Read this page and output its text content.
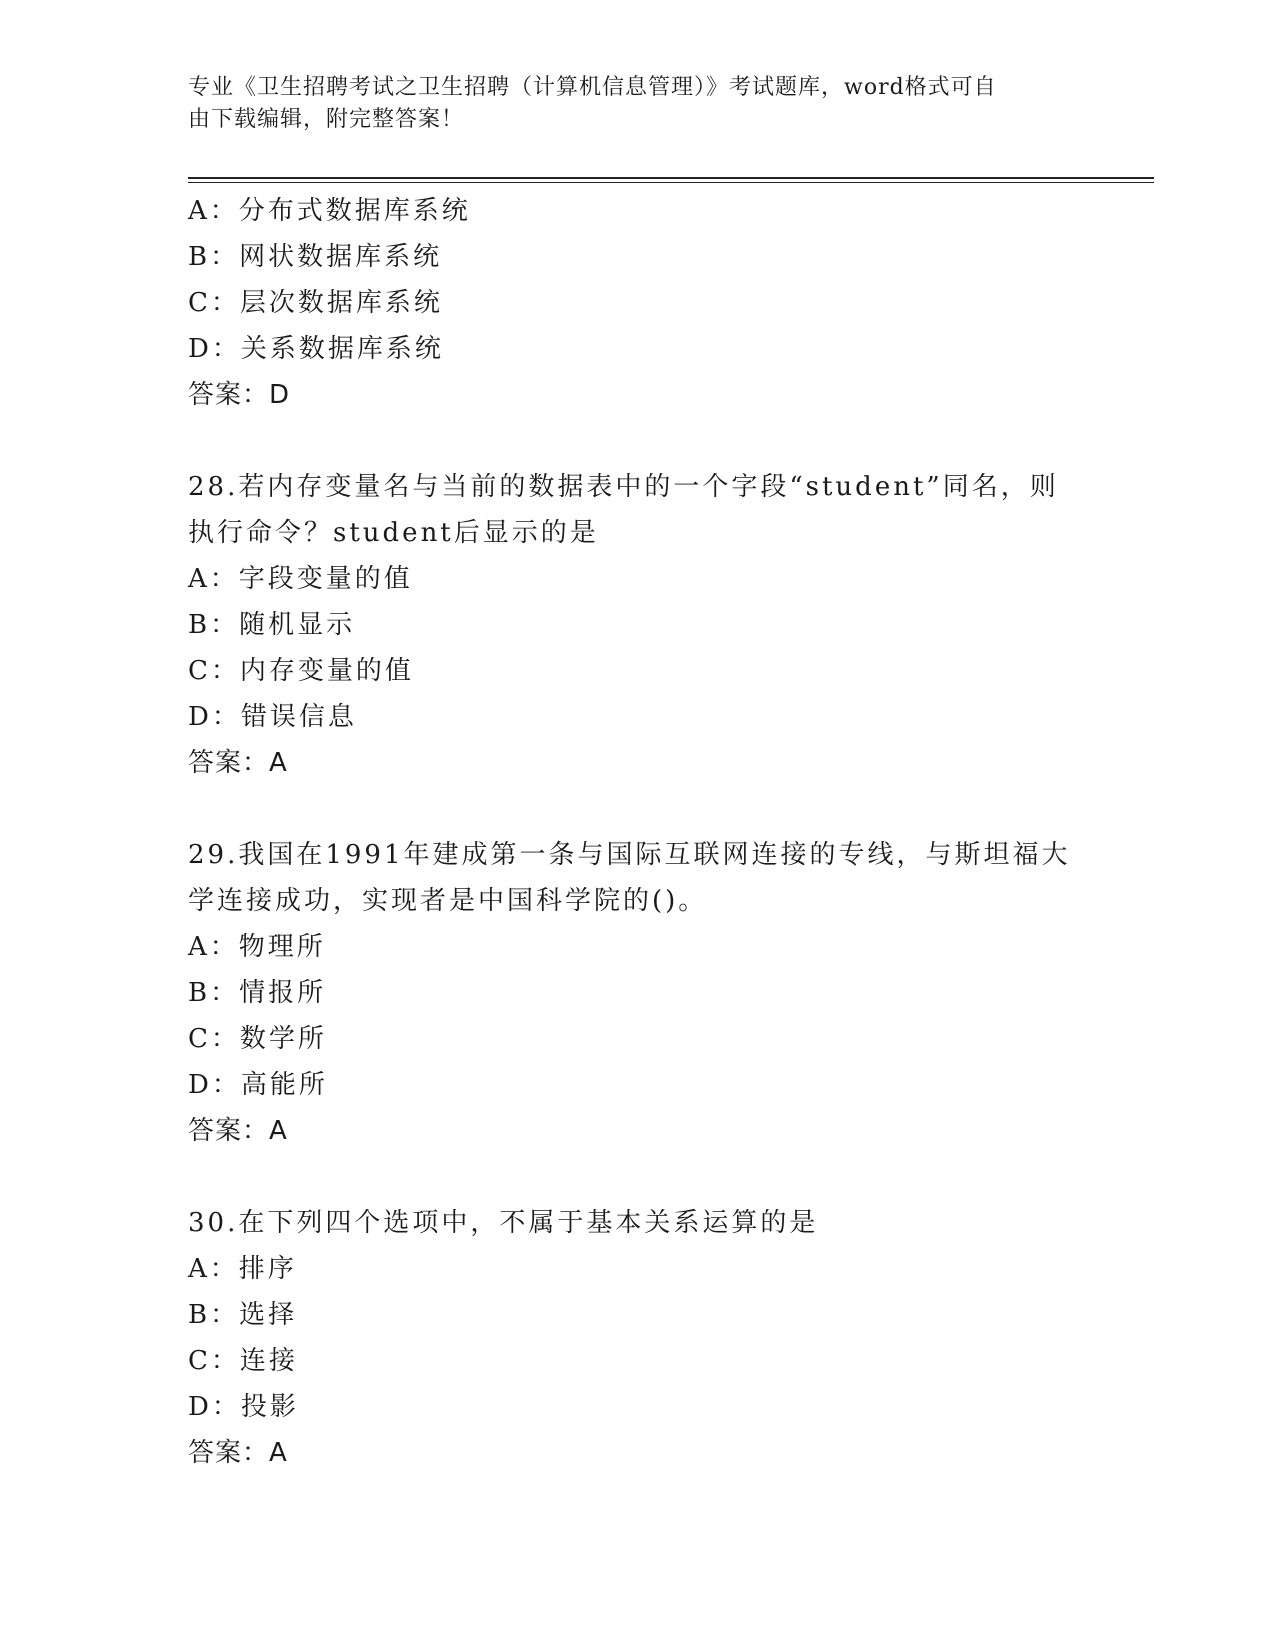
专业《卫生招聘考试之卫生招聘（计算机信息管理）》考试题库，word格式可自
由下载编辑，附完整答案！
A：分布式数据库系统
B：网状数据库系统
C：层次数据库系统
D：关系数据库系统
答案：D
28.若内存变量名与当前的数据表中的一个字段“student”同名，则
执行命令？student后显示的是
A：字段变量的值
B：随机显示
C：内存变量的值
D：错误信息
答案：A
29.我国在1991年建成第一条与国际互联网连接的专线，与斯坦福大
学连接成功，实现者是中国科学院的()。
A：物理所
B：情报所
C：数学所
D：高能所
答案：A
30.在下列四个选项中，不属于基本关系运算的是
A：排序
B：选择
C：连接
D：投影
答案：A
